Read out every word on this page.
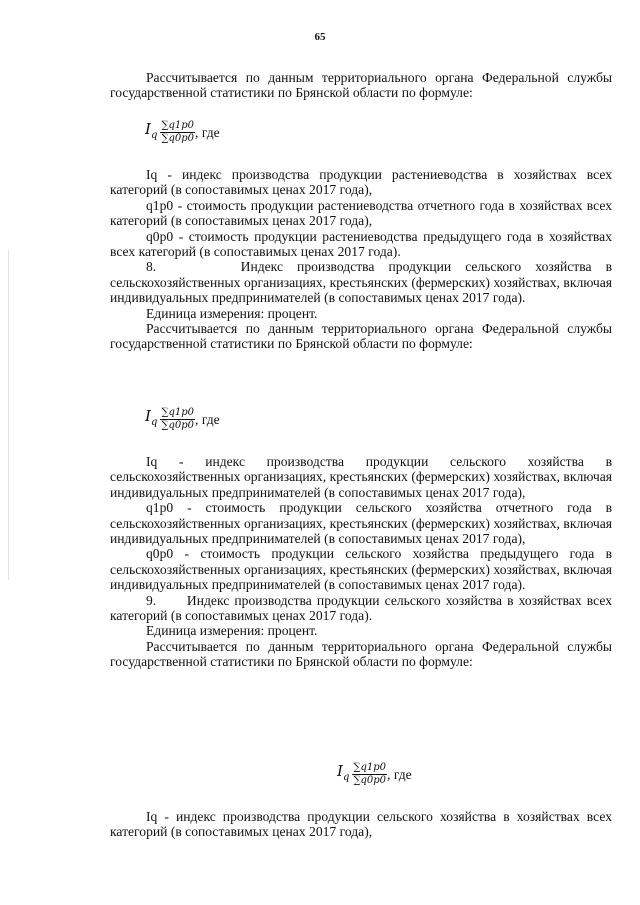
65

Рассчитывается по данным территориального органа Федеральной службы государственной статистики по Брянской области по формуле:

$I_q \frac{\sum q1p0}{\sum q0p0}$ , где

Iq - индекс производства продукции растениеводства в хозяйствах всех категорий (в сопоставимых ценах 2017 года),

q1p0 - стоимость продукции растениеводства отчетного года в хозяйствах всех категорий (в сопоставимых ценах 2017 года),

q0p0 - стоимость продукции растениеводства предыдущего года в хозяйствах всех категорий (в сопоставимых ценах 2017 года).

8.      Индекс производства продукции сельского хозяйства в сельскохозяйственных организациях, крестьянских (фермерских) хозяйствах, включая индивидуальных предпринимателей (в сопоставимых ценах 2017 года).

Единица измерения: процент.

Рассчитывается по данным территориального органа Федеральной службы государственной статистики по Брянской области по формуле:

$I_q \frac{\sum q1p0}{\sum q0p0}$ , где

Iq - индекс производства продукции сельского хозяйства в сельскохозяйственных организациях, крестьянских (фермерских) хозяйствах, включая индивидуальных предпринимателей (в сопоставимых ценах 2017 года),

q1p0 - стоимость продукции сельского хозяйства отчетного года в сельскохозяйственных организациях, крестьянских (фермерских) хозяйствах, включая индивидуальных предпринимателей (в сопоставимых ценах 2017 года),

q0p0 - стоимость продукции сельского хозяйства предыдущего года в сельскохозяйственных организациях, крестьянских (фермерских) хозяйствах, включая индивидуальных предпринимателей (в сопоставимых ценах 2017 года).

9.      Индекс производства продукции сельского хозяйства в хозяйствах всех категорий (в сопоставимых ценах 2017 года).

Единица измерения: процент.

Рассчитывается по данным территориального органа Федеральной службы государственной статистики по Брянской области по формуле:

$I_q \frac{\sum q1p0}{\sum q0p0}$ , где

Iq - индекс производства продукции сельского хозяйства в хозяйствах всех категорий (в сопоставимых ценах 2017 года),
